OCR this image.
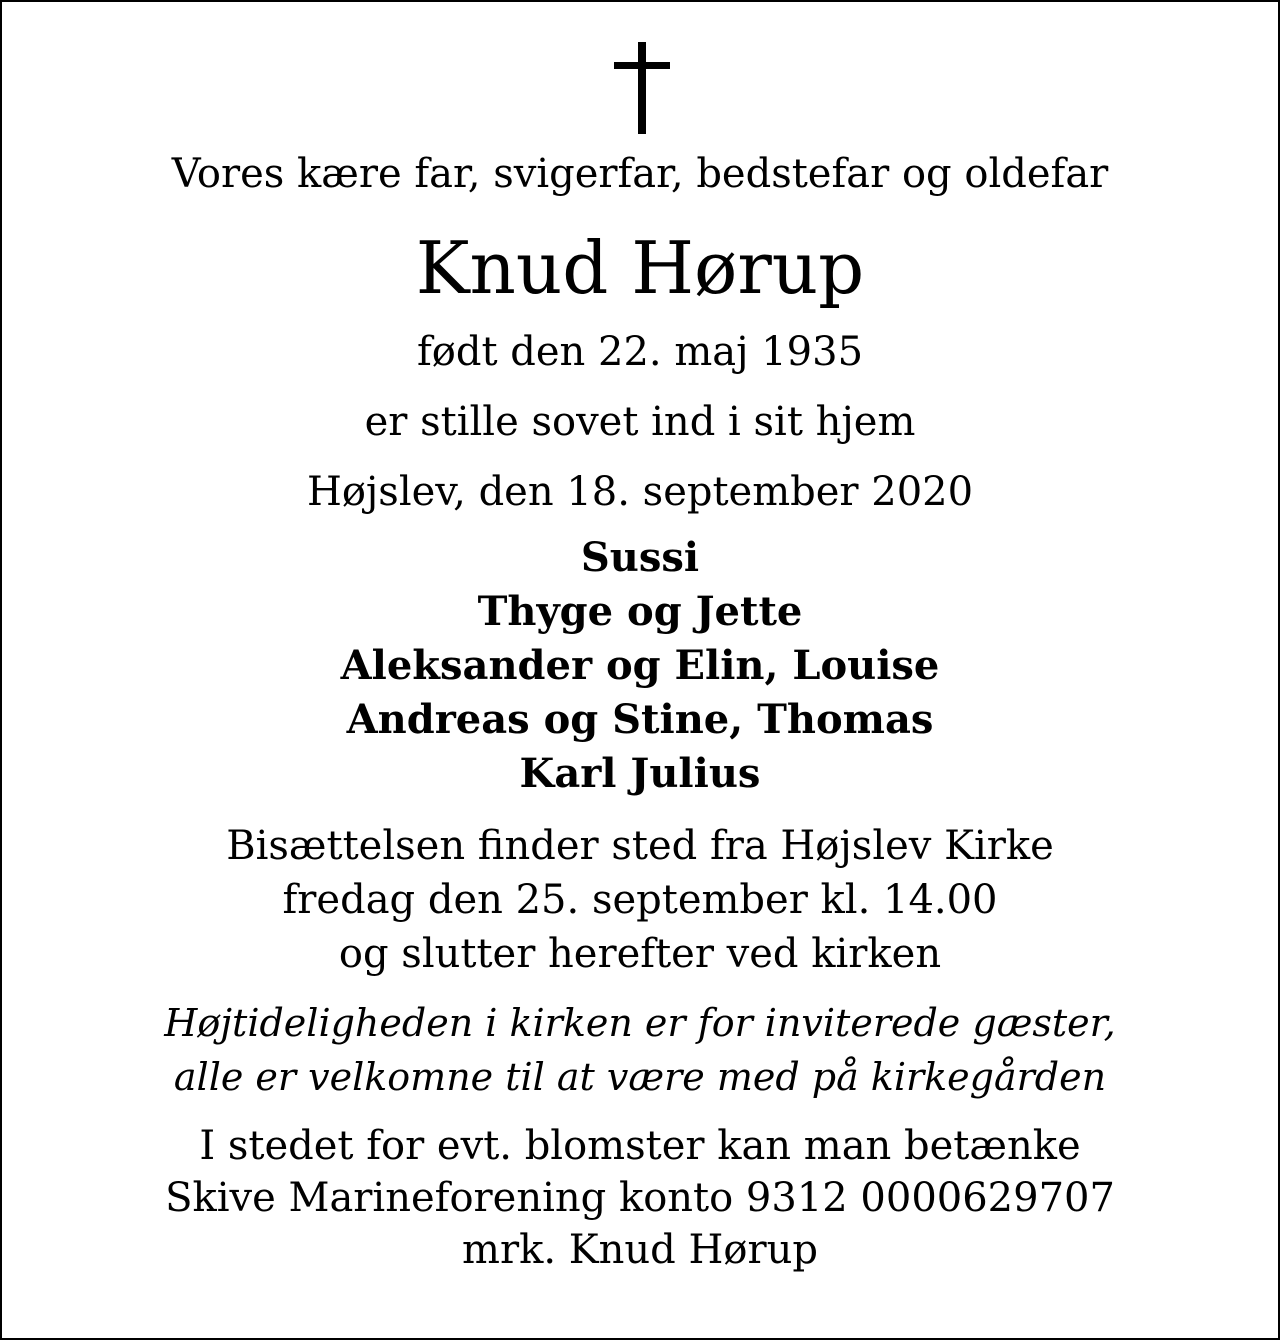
Vores kære far, svigerfar, bedstefar og oldefar
Knud Hørup
født den 22. maj 1935
er stille sovet ind i sit hjem
Højslev, den 18. september 2020
Sussi
Thyge og Jette
Aleksander og Elin, Louise
Andreas og Stine, Thomas
Karl Julius
Bisættelsen finder sted fra Højslev Kirke
fredag den 25. september kl. 14.00
og slutter herefter ved kirken
Højtideligheden i kirken er for inviterede gæster,
alle er velkomne til at være med på kirkegården
I stedet for evt. blomster kan man betænke
Skive Marineforening konto 9312 0000629707
mrk. Knud Hørup
